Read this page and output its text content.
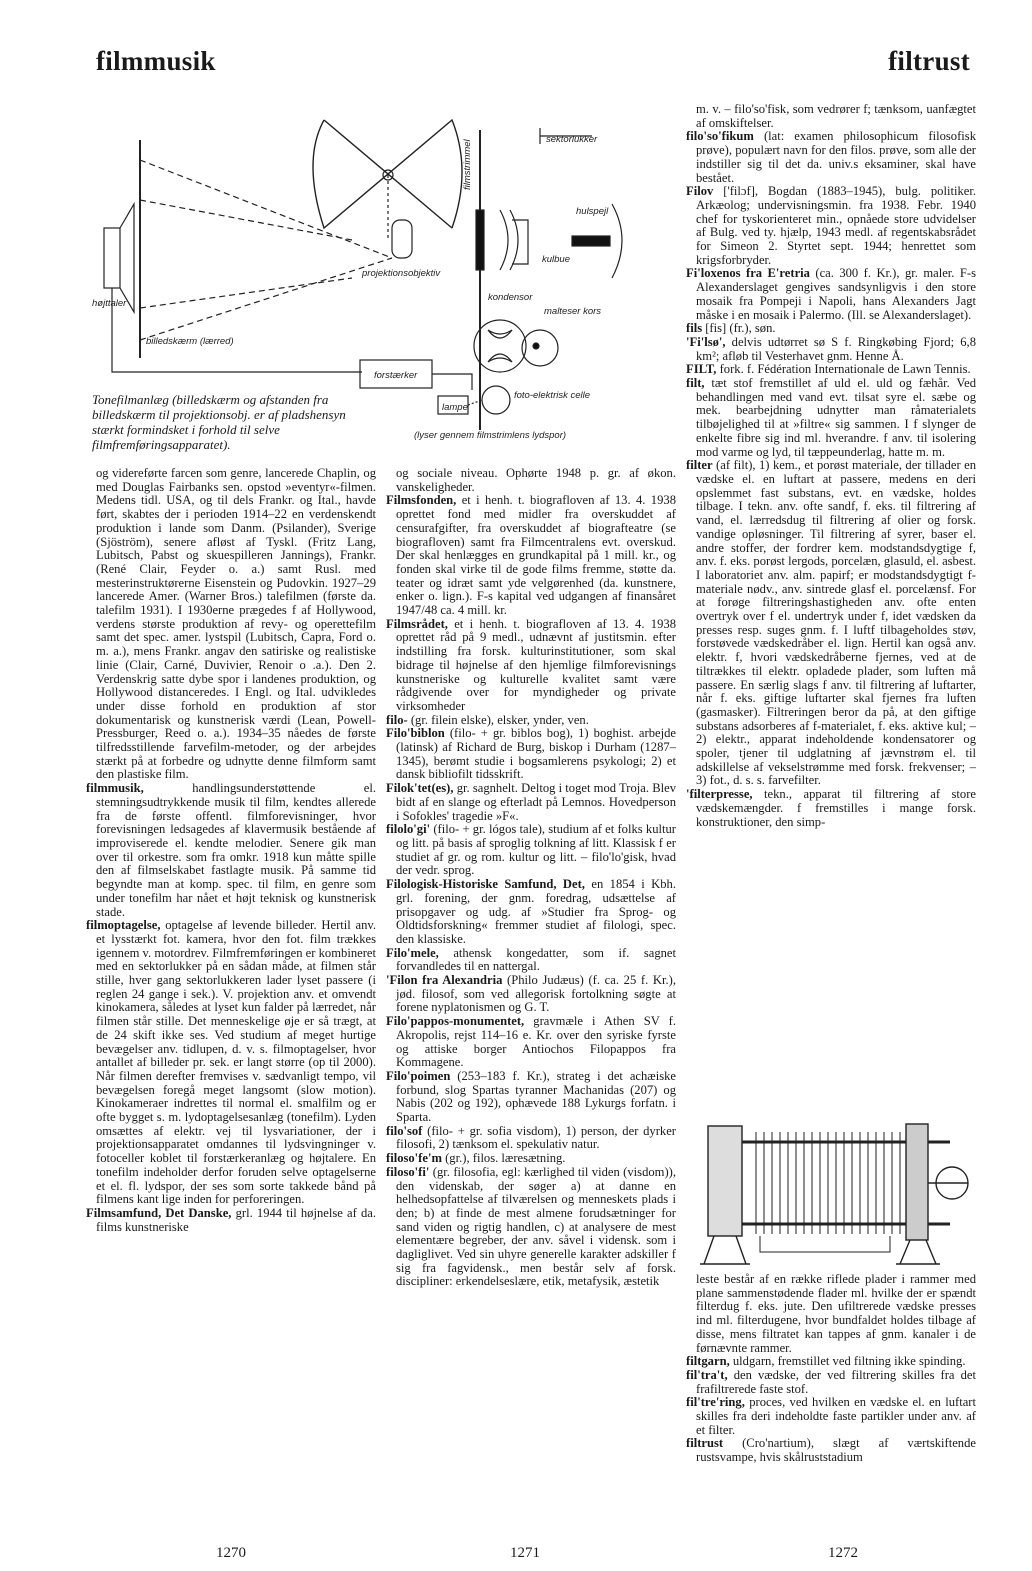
filmmusik	filtrust
sektorlukker
filmstrimmel
hulspejl
kulbue
projektionsobjektiv
højttaler
billedskærm (lærred)
kondensor
malteser kors
forstærker
foto-elektrisk celle
lampe
(lyser gennem filmstrimlens lydspor)
Tonefilmanlæg (billedskærm og afstanden fra billedskærm til projektionsobj. er af pladshensyn stærkt formindsket i forhold til selve filmfremføringsapparatet).

og videreførte farcen som genre, lancerede Chaplin, og med Douglas Fairbanks sen. opstod »eventyr«-filmen. Medens tidl. USA, og til dels Frankr. og Ital., havde ført, skabtes der i perioden 1914–22 en verdenskendt produktion i lande som Danm. (Psilander), Sverige (Sjöström), senere afløst af Tyskl. (Fritz Lang, Lubitsch, Pabst og skuespilleren Jannings), Frankr. (René Clair, Feyder o. a.) samt Rusl. med mesterinstruktørerne Eisenstein og Pudovkin. 1927–29 lancerede Amer. (Warner Bros.) talefilmen (første da. talefilm 1931). I 1930erne prægedes f af Hollywood, verdens største produktion af revy- og operettefilm samt det spec. amer. lystspil (Lubitsch, Capra, Ford o. m. a.), mens Frankr. angav den satiriske og realistiske linie (Clair, Carné, Duvivier, Renoir o .a.). Den 2. Verdenskrig satte dybe spor i landenes produktion, og Hollywood distanceredes. I Engl. og Ital. udvikledes under disse forhold en produktion af stor dokumentarisk og kunstnerisk værdi (Lean, Powell-Pressburger, Reed o. a.). 1934–35 nåedes de første tilfredsstillende farvefilm-metoder, og der arbejdes stærkt på at forbedre og udnytte denne filmform samt den plastiske film.

filmmusik, handlingsunderstøttende el. stemningsudtrykkende musik til film, kendtes allerede fra de første offentl. filmforevisninger, hvor forevisningen ledsagedes af klavermusik bestående af improviserede el. kendte melodier. Senere gik man over til orkestre. som fra omkr. 1918 kun måtte spille den af filmselskabet fastlagte musik. På samme tid begyndte man at komp. spec. til film, en genre som under tonefilm har nået et højt teknisk og kunstnerisk stade.

filmoptagelse, optagelse af levende billeder. Hertil anv. et lysstærkt fot. kamera, hvor den fot. film trækkes igennem v. motordrev. Filmfremføringen er kombineret med en sektorlukker på en sådan måde, at filmen står stille, hver gang sektorlukkeren lader lyset passere (i reglen 24 gange i sek.). V. projektion anv. et omvendt kinokamera, således at lyset kun falder på lærredet, når filmen står stille. Det menneskelige øje er så trægt, at de 24 skift ikke ses. Ved studium af meget hurtige bevægelser anv. tidlupen, d. v. s. filmoptagelser, hvor antallet af billeder pr. sek. er langt større (op til 2000). Når filmen derefter fremvises v. sædvanligt tempo, vil bevægelsen foregå meget langsomt (slow motion). Kinokameraer indrettes til normal el. smalfilm og er ofte bygget s. m. lydoptagelsesanlæg (tonefilm). Lyden omsættes af elektr. vej til lysvariationer, der i projektionsapparatet omdannes til lydsvingninger v. fotoceller koblet til forstærkeranlæg og højtalere. En tonefilm indeholder derfor foruden selve optagelserne et el. fl. lydspor, der ses som sorte takkede bånd på filmens kant lige inden for perforeringen.

Filmsamfund, Det Danske, grl. 1944 til højnelse af da. films kunstneriske

og sociale niveau. Ophørte 1948 p. gr. af økon. vanskeligheder.

Filmsfonden, et i henh. t. biografloven af 13. 4. 1938 oprettet fond med midler fra overskuddet af censurafgifter, fra overskuddet af biografteatre (se biografloven) samt fra Filmcentralens evt. overskud. Der skal henlægges en grundkapital på 1 mill. kr., og fonden skal virke til de gode films fremme, støtte da. teater og idræt samt yde velgørenhed (da. kunstnere, enker o. lign.). F-s kapital ved udgangen af finansåret 1947/48 ca. 4 mill. kr.

Filmsrådet, et i henh. t. biografloven af 13. 4. 1938 oprettet råd på 9 medl., udnævnt af justitsmin. efter indstilling fra forsk. kulturinstitutioner, som skal bidrage til højnelse af den hjemlige filmforevisnings kunstneriske og kulturelle kvalitet samt være rådgivende over for myndigheder og private virksomheder

filo- (gr. filein elske), elsker, ynder, ven.

Filo'biblon (filo- + gr. biblos bog), 1) boghist. arbejde (latinsk) af Richard de Burg, biskop i Durham (1287–1345), berømt studie i bogsamlerens psykologi; 2) et dansk bibliofilt tidsskrift.

Filok'tet(es), gr. sagnhelt. Deltog i toget mod Troja. Blev bidt af en slange og efterladt på Lemnos. Hovedperson i Sofokles' tragedie »F«.

filolo'gi' (filo- + gr. lógos tale), studium af et folks kultur og litt. på basis af sproglig tolkning af litt. Klassisk f er studiet af gr. og rom. kultur og litt. – filo'lo'gisk, hvad der vedr. sprog.

Filologisk-Historiske Samfund, Det, en 1854 i Kbh. grl. forening, der gnm. foredrag, udsættelse af prisopgaver og udg. af »Studier fra Sprog- og Oldtidsforskning« fremmer studiet af filologi, spec. den klassiske.

Filo'mele, athensk kongedatter, som if. sagnet forvandledes til en nattergal.

'Filon fra Alexandria (Philo Judæus) (f. ca. 25 f. Kr.), jød. filosof, som ved allegorisk fortolkning søgte at forene nyplatonismen og G. T.

Filo'pappos-monumentet, gravmæle i Athen SV f. Akropolis, rejst 114–16 e. Kr. over den syriske fyrste og attiske borger Antiochos Filopappos fra Kommagene.

Filo'poimen (253–183 f. Kr.), strateg i det achæiske forbund, slog Spartas tyranner Machanidas (207) og Nabis (202 og 192), ophævede 188 Lykurgs forfatn. i Sparta.

filo'sof (filo- + gr. sofia visdom), 1) person, der dyrker filosofi, 2) tænksom el. spekulativ natur.

filoso'fe'm (gr.), filos. læresætning.

filoso'fi' (gr. filosofia, egl: kærlighed til viden (visdom)), den videnskab, der søger a) at danne en helhedsopfattelse af tilværelsen og menneskets plads i den; b) at finde de mest almene forudsætninger for sand viden og rigtig handlen, c) at analysere de mest elementære begreber, der anv. såvel i vidensk. som i dagliglivet. Ved sin uhyre generelle karakter adskiller f sig fra fagvidensk., men består selv af forsk. discipliner: erkendelseslære, etik, metafysik, æstetik

m. v. – filo'so'fisk, som vedrører f; tænksom, uanfægtet af omskiftelser.

filo'so'fikum (lat: examen philosophicum filosofisk prøve), populært navn for den filos. prøve, som alle der indstiller sig til det da. univ.s eksaminer, skal have bestået.

Filov ['filɔf], Bogdan (1883–1945), bulg. politiker. Arkæolog; undervisningsmin. fra 1938. Febr. 1940 chef for tyskorienteret min., opnåede store udvidelser af Bulg. ved ty. hjælp, 1943 medl. af regentskabsrådet for Simeon 2. Styrtet sept. 1944; henrettet som krigsforbryder.

Fi'loxenos fra E'retria (ca. 300 f. Kr.), gr. maler. F-s Alexanderslaget gengives sandsynligvis i den store mosaik fra Pompeji i Napoli, hans Alexanders Jagt måske i en mosaik i Palermo. (Ill. se Alexanderslaget).

fils [fis] (fr.), søn.

'Fi'lsø', delvis udtørret sø S f. Ringkøbing Fjord; 6,8 km²; afløb til Vesterhavet gnm. Henne Å.

FILT, fork. f. Fédération Internationale de Lawn Tennis.

filt, tæt stof fremstillet af uld el. uld og fæhår. Ved behandlingen med vand evt. tilsat syre el. sæbe og mek. bearbejdning udnytter man råmaterialets tilbøjelighed til at »filtre« sig sammen. I f slynger de enkelte fibre sig ind ml. hverandre. f anv. til isolering mod varme og lyd, til tæppeunderlag, hatte m. m.

filter (af filt), 1) kem., et porøst materiale, der tillader en vædske el. en luftart at passere, medens en deri opslemmet fast substans, evt. en vædske, holdes tilbage. I tekn. anv. ofte sandf, f. eks. til filtrering af vand, el. lærredsdug til filtrering af olier og forsk. vandige opløsninger. Til filtrering af syrer, baser el. andre stoffer, der fordrer kem. modstandsdygtige f, anv. f. eks. porøst lergods, porcelæn, glasuld, el. asbest. I laboratoriet anv. alm. papirf; er modstandsdygtigt f-materiale nødv., anv. sintrede glasf el. porcelænsf. For at forøge filtreringshastigheden anv. ofte enten overtryk over f el. undertryk under f, idet vædsken da presses resp. suges gnm. f. I luftf tilbageholdes støv, forstøvede vædskedråber el. lign. Hertil kan også anv. elektr. f, hvori vædskedråberne fjernes, ved at de tiltrækkes til elektr. opladede plader, som luften må passere. En særlig slags f anv. til filtrering af luftarter, når f. eks. giftige luftarter skal fjernes fra luften (gasmasker). Filtreringen beror da på, at den giftige substans adsorberes af f-materialet, f. eks. aktive kul; – 2) elektr., apparat indeholdende kondensatorer og spoler, tjener til udglatning af jævnstrøm el. til adskillelse af vekselstrømme med forsk. frekvenser; – 3) fot., d. s. s. farvefilter.

'filterpresse, tekn., apparat til filtrering af store vædskemængder. f fremstilles i mange forsk. konstruktioner, den simp-

leste består af en række riflede plader i rammer med plane sammenstødende flader ml. hvilke der er spændt filterdug f. eks. jute. Den ufiltrerede vædske presses ind ml. filterdugene, hvor bundfaldet holdes tilbage af disse, mens filtratet kan tappes af gnm. kanaler i de førnævnte rammer.

filtgarn, uldgarn, fremstillet ved filtning ikke spinding.

fil'tra't, den vædske, der ved filtrering skilles fra det frafiltrerede faste stof.

fil'tre'ring, proces, ved hvilken en vædske el. en luftart skilles fra deri indeholdte faste partikler under anv. af et filter.

filtrust (Cro'nartium), slægt af værtskiftende rustsvampe, hvis skålruststadium

1270	1271	1272
